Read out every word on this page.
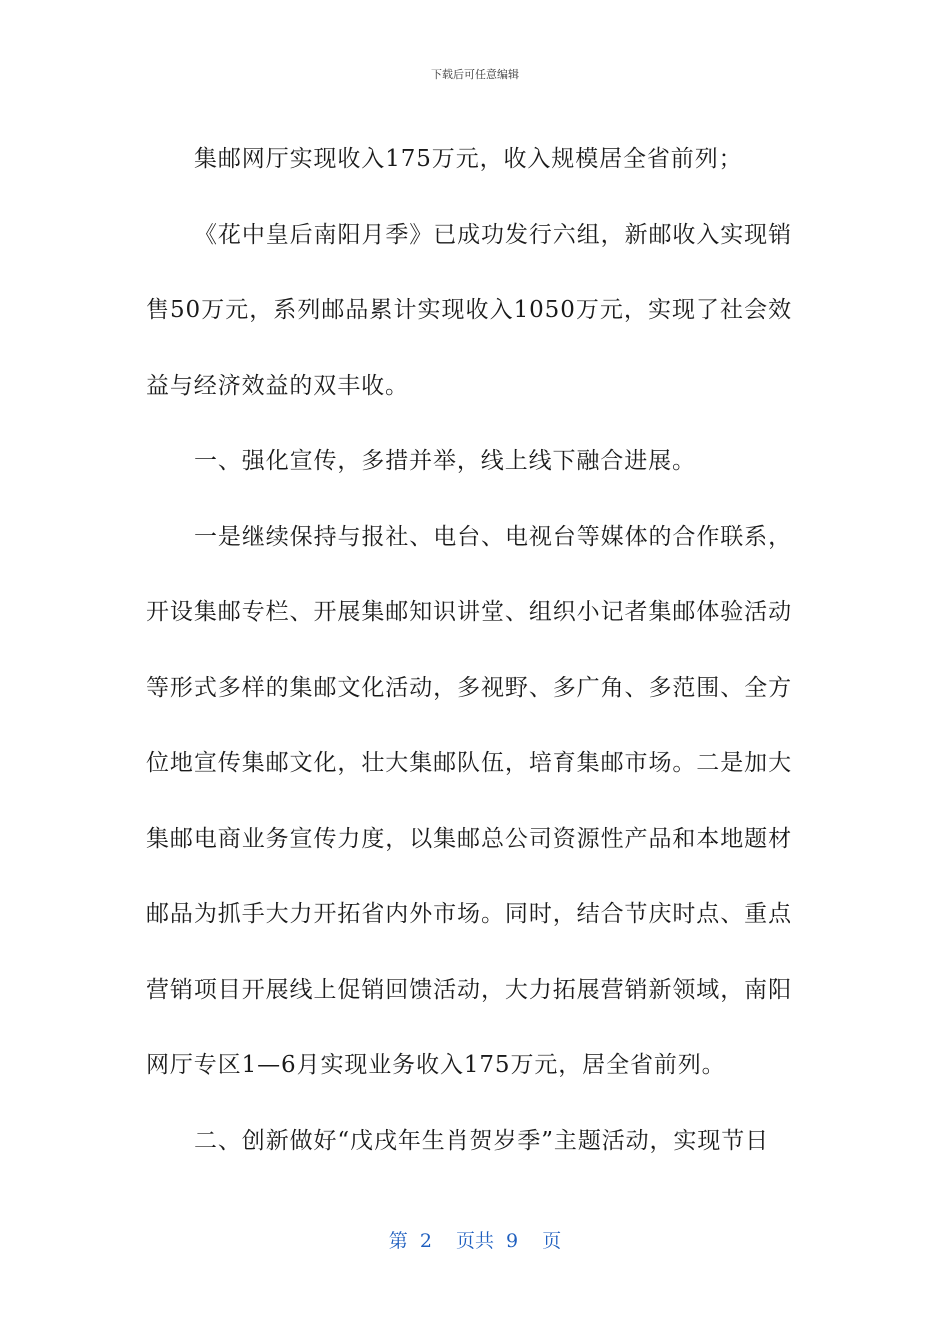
下载后可任意编辑

集邮网厅实现收入175万元，收入规模居全省前列；

《花中皇后南阳月季》已成功发行六组，新邮收入实现销售50万元，系列邮品累计实现收入1050万元，实现了社会效益与经济效益的双丰收。

一、强化宣传，多措并举，线上线下融合进展。

一是继续保持与报社、电台、电视台等媒体的合作联系，开设集邮专栏、开展集邮知识讲堂、组织小记者集邮体验活动等形式多样的集邮文化活动，多视野、多广角、多范围、全方位地宣传集邮文化，壮大集邮队伍，培育集邮市场。二是加大集邮电商业务宣传力度，以集邮总公司资源性产品和本地题材邮品为抓手大力开拓省内外市场。同时，结合节庆时点、重点营销项目开展线上促销回馈活动，大力拓展营销新领域，南阳网厅专区1—6月实现业务收入175万元，居全省前列。

二、创新做好“戊戌年生肖贺岁季”主题活动，实现节日

第 2  页共 9  页
